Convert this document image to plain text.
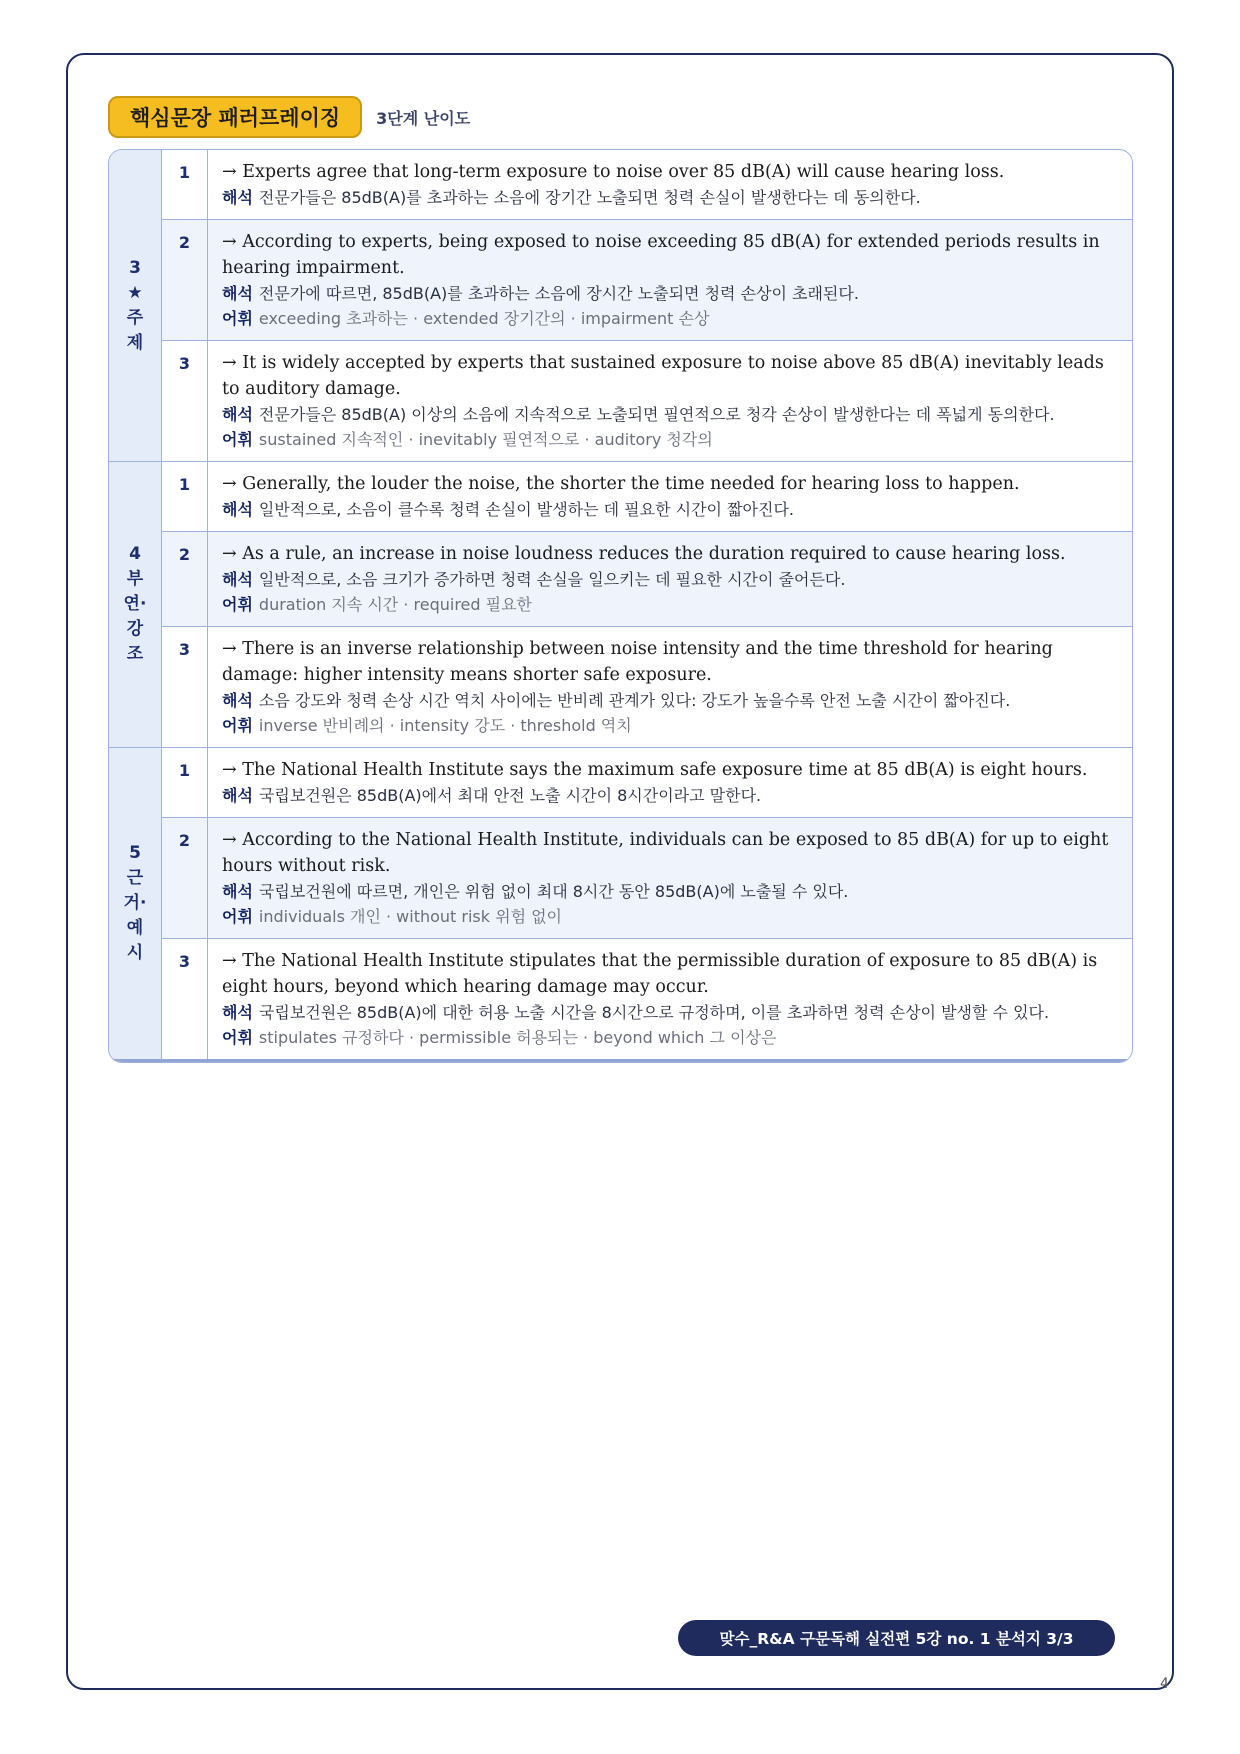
핵심문장 패러프레이징	3단계 난이도
3
★
주
제
1	→ Experts agree that long-term exposure to noise over 85 dB(A) will cause hearing loss.
해석 전문가들은 85dB(A)를 초과하는 소음에 장기간 노출되면 청력 손실이 발생한다는 데 동의한다.
2	→ According to experts, being exposed to noise exceeding 85 dB(A) for extended periods results in hearing impairment.
해석 전문가에 따르면, 85dB(A)를 초과하는 소음에 장시간 노출되면 청력 손상이 초래된다.
어휘 exceeding 초과하는 · extended 장기간의 · impairment 손상
3	→ It is widely accepted by experts that sustained exposure to noise above 85 dB(A) inevitably leads to auditory damage.
해석 전문가들은 85dB(A) 이상의 소음에 지속적으로 노출되면 필연적으로 청각 손상이 발생한다는 데 폭넓게 동의한다.
어휘 sustained 지속적인 · inevitably 필연적으로 · auditory 청각의
4
부
연·
강
조
1	→ Generally, the louder the noise, the shorter the time needed for hearing loss to happen.
해석 일반적으로, 소음이 클수록 청력 손실이 발생하는 데 필요한 시간이 짧아진다.
2	→ As a rule, an increase in noise loudness reduces the duration required to cause hearing loss.
해석 일반적으로, 소음 크기가 증가하면 청력 손실을 일으키는 데 필요한 시간이 줄어든다.
어휘 duration 지속 시간 · required 필요한
3	→ There is an inverse relationship between noise intensity and the time threshold for hearing damage: higher intensity means shorter safe exposure.
해석 소음 강도와 청력 손상 시간 역치 사이에는 반비례 관계가 있다: 강도가 높을수록 안전 노출 시간이 짧아진다.
어휘 inverse 반비례의 · intensity 강도 · threshold 역치
5
근
거·
예
시
1	→ The National Health Institute says the maximum safe exposure time at 85 dB(A) is eight hours.
해석 국립보건원은 85dB(A)에서 최대 안전 노출 시간이 8시간이라고 말한다.
2	→ According to the National Health Institute, individuals can be exposed to 85 dB(A) for up to eight hours without risk.
해석 국립보건원에 따르면, 개인은 위험 없이 최대 8시간 동안 85dB(A)에 노출될 수 있다.
어휘 individuals 개인 · without risk 위험 없이
3	→ The National Health Institute stipulates that the permissible duration of exposure to 85 dB(A) is eight hours, beyond which hearing damage may occur.
해석 국립보건원은 85dB(A)에 대한 허용 노출 시간을 8시간으로 규정하며, 이를 초과하면 청력 손상이 발생할 수 있다.
어휘 stipulates 규정하다 · permissible 허용되는 · beyond which 그 이상은
맞수_R&A 구문독해 실전편 5강 no. 1 분석지 3/3
4
